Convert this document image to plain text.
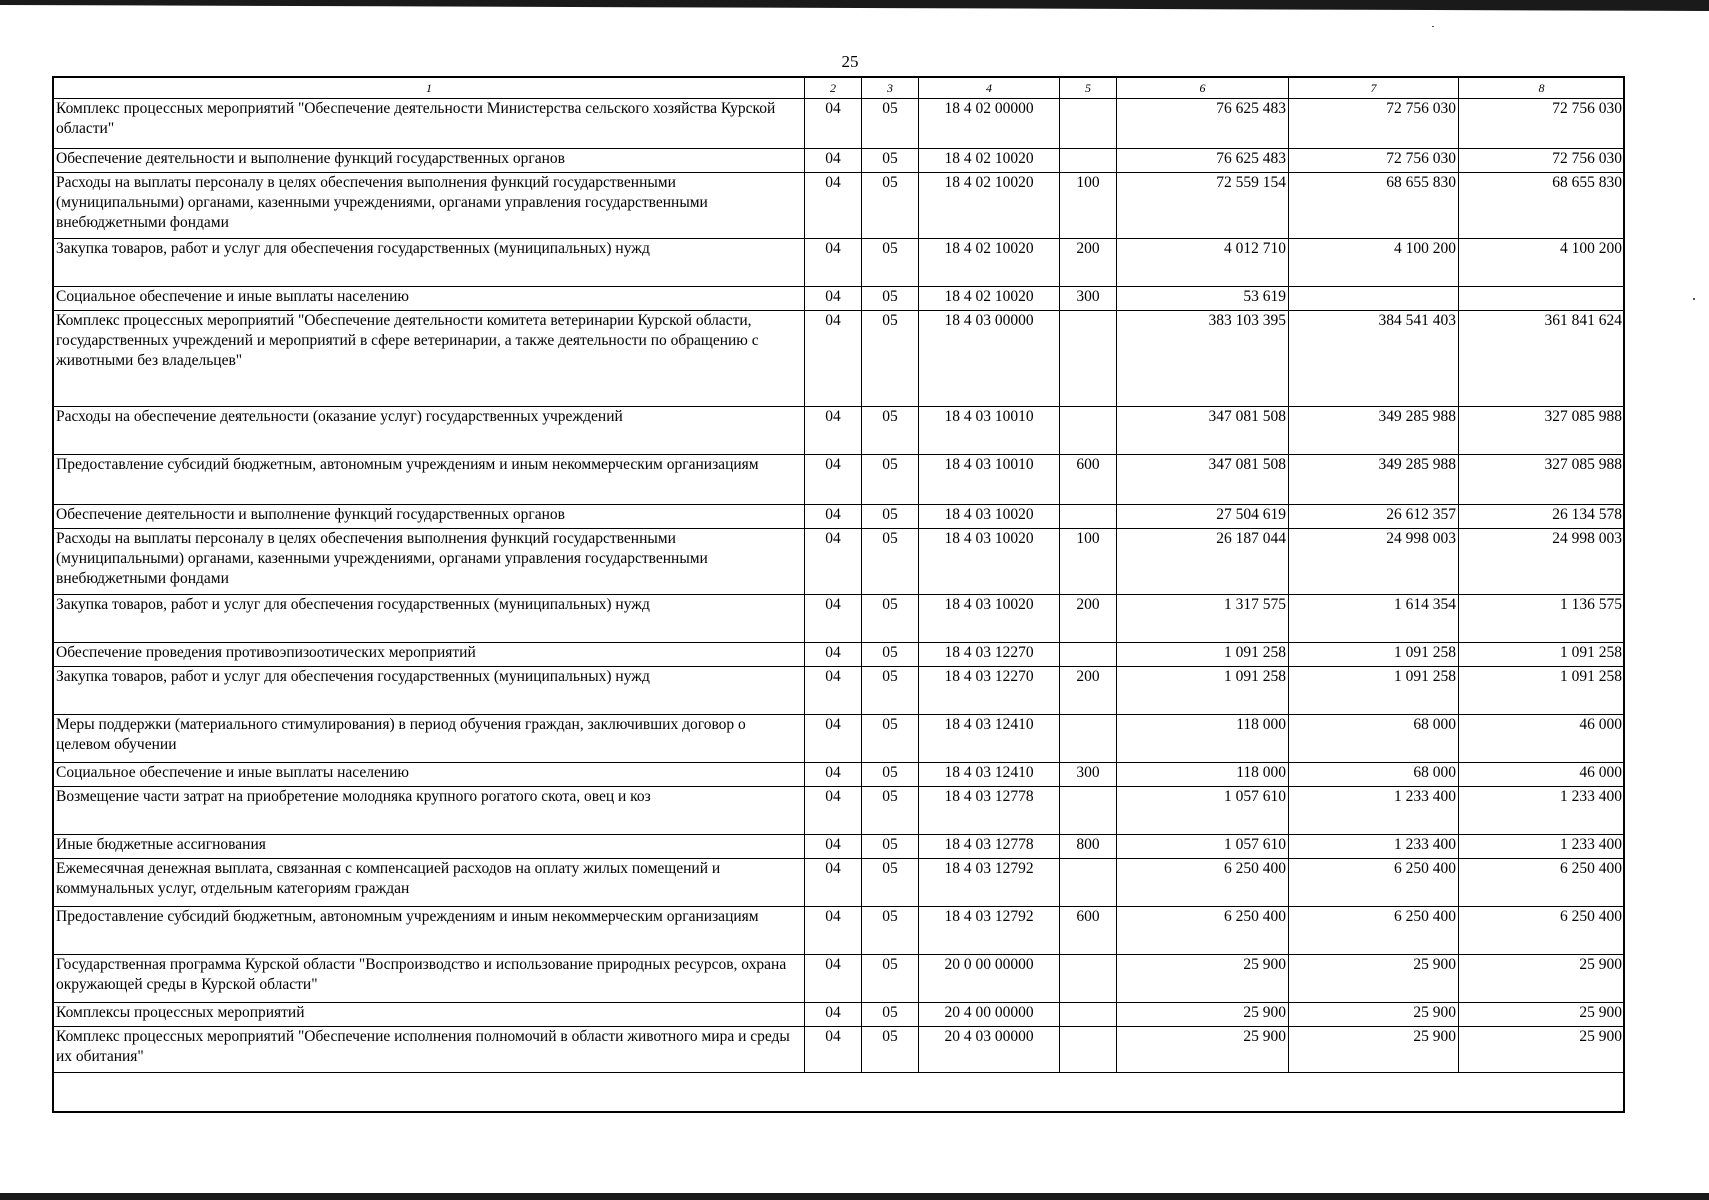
25
1	2	3	4	5	6	7	8
Комплекс процессных мероприятий "Обеспечение деятельности Министерства сельского хозяйства Курской области"	04	05	18 4 02 00000		76 625 483	72 756 030	72 756 030
Обеспечение деятельности и выполнение функций государственных органов	04	05	18 4 02 10020		76 625 483	72 756 030	72 756 030
Расходы на выплаты персоналу в целях обеспечения выполнения функций государственными (муниципальными) органами, казенными учреждениями, органами управления государственными внебюджетными фондами	04	05	18 4 02 10020	100	72 559 154	68 655 830	68 655 830
Закупка товаров, работ и услуг для обеспечения государственных (муниципальных) нужд	04	05	18 4 02 10020	200	4 012 710	4 100 200	4 100 200
Социальное обеспечение и иные выплаты населению	04	05	18 4 02 10020	300	53 619		
Комплекс процессных мероприятий "Обеспечение деятельности комитета ветеринарии Курской области, государственных учреждений и мероприятий в сфере ветеринарии, а также деятельности по обращению с животными без владельцев"	04	05	18 4 03 00000		383 103 395	384 541 403	361 841 624
Расходы на обеспечение деятельности (оказание услуг) государственных учреждений	04	05	18 4 03 10010		347 081 508	349 285 988	327 085 988
Предоставление субсидий бюджетным, автономным учреждениям и иным некоммерческим организациям	04	05	18 4 03 10010	600	347 081 508	349 285 988	327 085 988
Обеспечение деятельности и выполнение функций государственных органов	04	05	18 4 03 10020		27 504 619	26 612 357	26 134 578
Расходы на выплаты персоналу в целях обеспечения выполнения функций государственными (муниципальными) органами, казенными учреждениями, органами управления государственными внебюджетными фондами	04	05	18 4 03 10020	100	26 187 044	24 998 003	24 998 003
Закупка товаров, работ и услуг для обеспечения государственных (муниципальных) нужд	04	05	18 4 03 10020	200	1 317 575	1 614 354	1 136 575
Обеспечение проведения противоэпизоотических мероприятий	04	05	18 4 03 12270		1 091 258	1 091 258	1 091 258
Закупка товаров, работ и услуг для обеспечения государственных (муниципальных) нужд	04	05	18 4 03 12270	200	1 091 258	1 091 258	1 091 258
Меры поддержки (материального стимулирования) в период обучения граждан, заключивших договор о целевом обучении	04	05	18 4 03 12410		118 000	68 000	46 000
Социальное обеспечение и иные выплаты населению	04	05	18 4 03 12410	300	118 000	68 000	46 000
Возмещение части затрат на приобретение молодняка крупного рогатого скота, овец и коз	04	05	18 4 03 12778		1 057 610	1 233 400	1 233 400
Иные бюджетные ассигнования	04	05	18 4 03 12778	800	1 057 610	1 233 400	1 233 400
Ежемесячная денежная выплата, связанная с компенсацией расходов на оплату жилых помещений и коммунальных услуг, отдельным категориям граждан	04	05	18 4 03 12792		6 250 400	6 250 400	6 250 400
Предоставление субсидий бюджетным, автономным учреждениям и иным некоммерческим организациям	04	05	18 4 03 12792	600	6 250 400	6 250 400	6 250 400
Государственная программа Курской области "Воспроизводство и использование природных ресурсов, охрана окружающей среды в Курской области"	04	05	20 0 00 00000		25 900	25 900	25 900
Комплексы процессных мероприятий	04	05	20 4 00 00000		25 900	25 900	25 900
Комплекс процессных мероприятий "Обеспечение исполнения полномочий в области животного мира и среды их обитания"	04	05	20 4 03 00000		25 900	25 900	25 900
